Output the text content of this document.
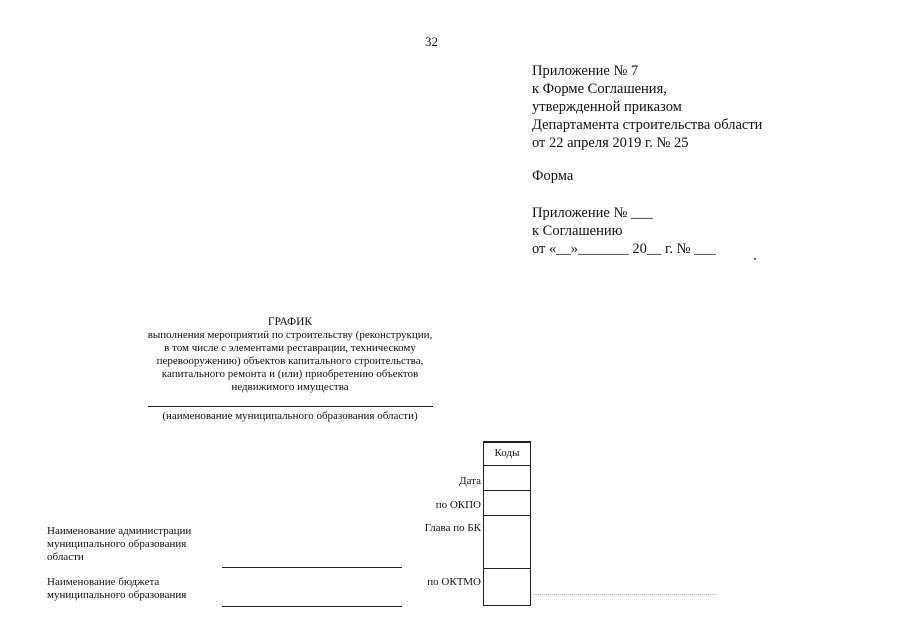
32
Приложение № 7
к Форме Соглашения,
утвержденной приказом
Департамента строительства области
от 22 апреля 2019 г. № 25
Форма
Приложение № ___
к Соглашению
от «__»_______ 20__ г. № ___
ГРАФИК
выполнения мероприятий по строительству (реконструкции,
в том числе с элементами реставрации, техническому
перевооружению) объектов капитального строительства,
капитального ремонта и (или) приобретению объектов
недвижимого имущества
(наименование муниципального образования области)
Коды
Дата
по ОКПО
Глава по БК
по ОКТМО
Наименование администрации муниципального образования области
Наименование бюджета муниципального образования
